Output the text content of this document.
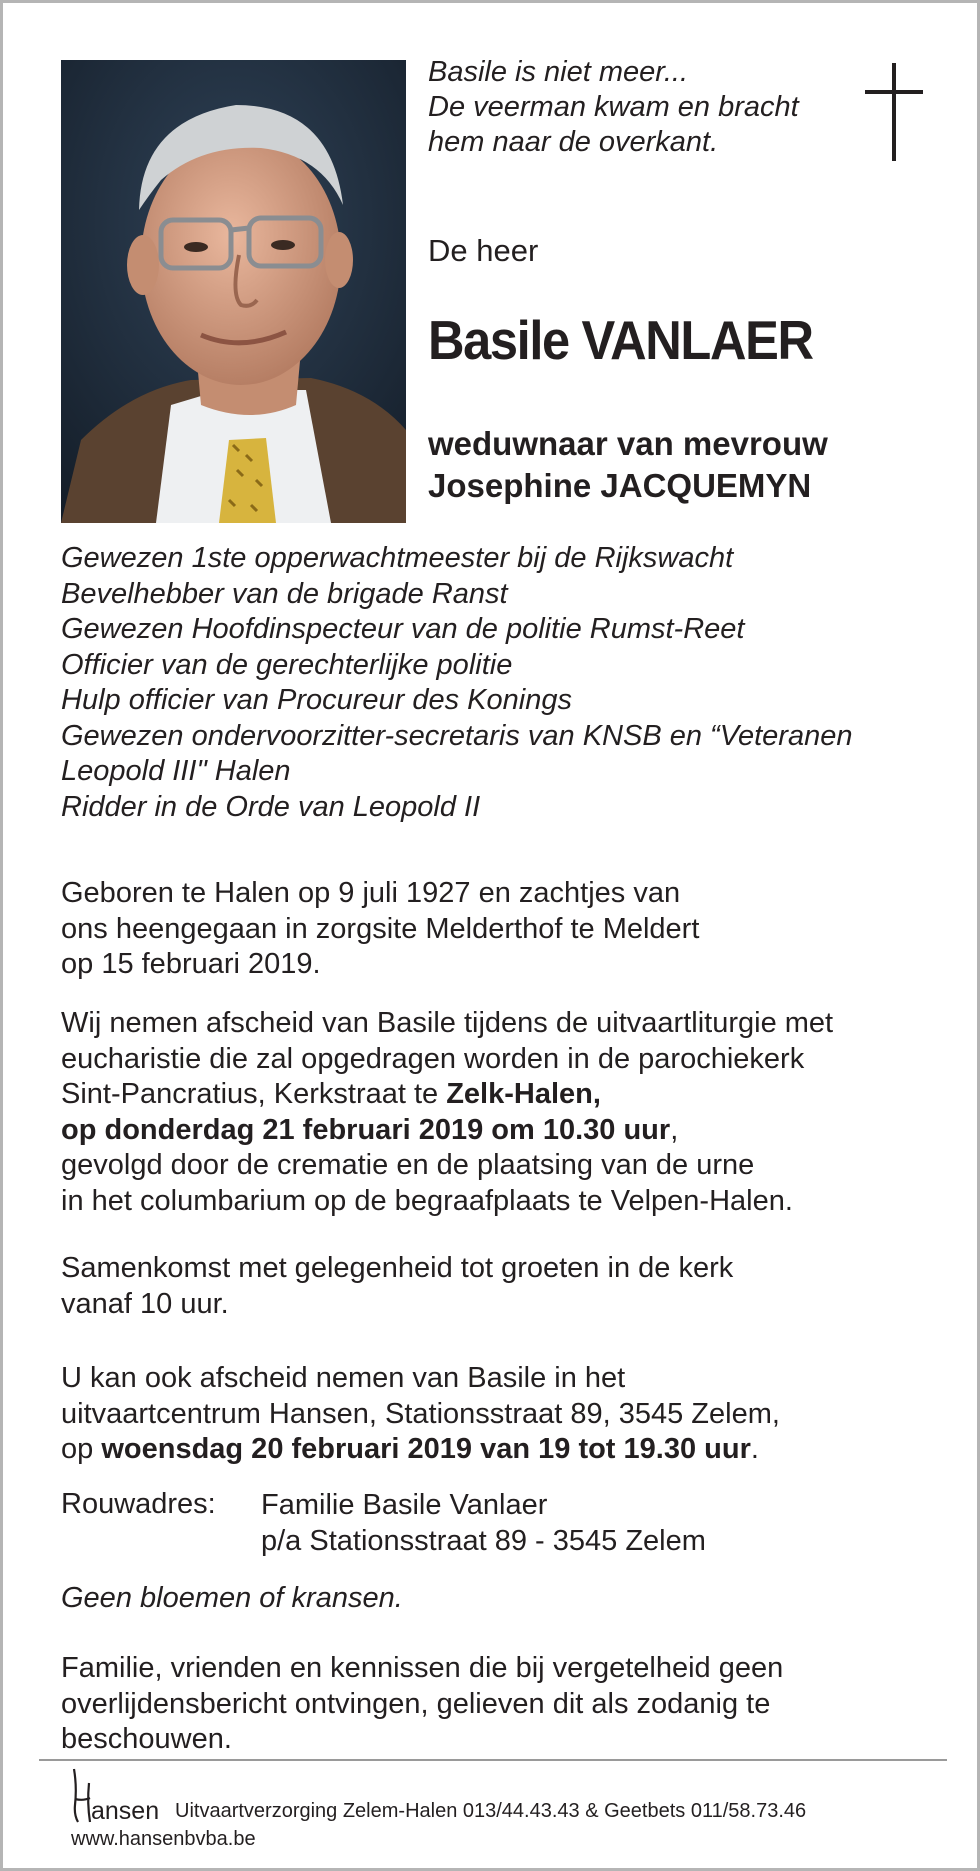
Basile is niet meer...
De veerman kwam en bracht
hem naar de overkant.
De heer
Basile VANLAER
weduwnaar van mevrouw
Josephine JACQUEMYN
Gewezen 1ste opperwachtmeester bij de Rijkswacht
Bevelhebber van de brigade Ranst
Gewezen Hoofdinspecteur van de politie Rumst-Reet
Officier van de gerechterlijke politie
Hulp officier van Procureur des Konings
Gewezen ondervoorzitter-secretaris van KNSB en “Veteranen
Leopold III" Halen
Ridder in de Orde van Leopold II
Geboren te Halen op 9 juli 1927 en zachtjes van
ons heengegaan in zorgsite Melderthof te Meldert
op 15 februari 2019.
Wij nemen afscheid van Basile tijdens de uitvaartliturgie met
eucharistie die zal opgedragen worden in de parochiekerk
Sint-Pancratius, Kerkstraat te Zelk-Halen,
op donderdag 21 februari 2019 om 10.30 uur,
gevolgd door de crematie en de plaatsing van de urne
in het columbarium op de begraafplaats te Velpen-Halen.
Samenkomst met gelegenheid tot groeten in de kerk
vanaf 10 uur.
U kan ook afscheid nemen van Basile in het
uitvaartcentrum Hansen, Stationsstraat 89, 3545 Zelem,
op woensdag 20 februari 2019 van 19 tot 19.30 uur.
Rouwadres: Familie Basile Vanlaer
p/a Stationsstraat 89 - 3545 Zelem
Geen bloemen of kransen.
Familie, vrienden en kennissen die bij vergetelheid geen
overlijdensbericht ontvingen, gelieven dit als zodanig te
beschouwen.
ansen Uitvaartverzorging Zelem-Halen 013/44.43.43 & Geetbets 011/58.73.46
www.hansenbvba.be
